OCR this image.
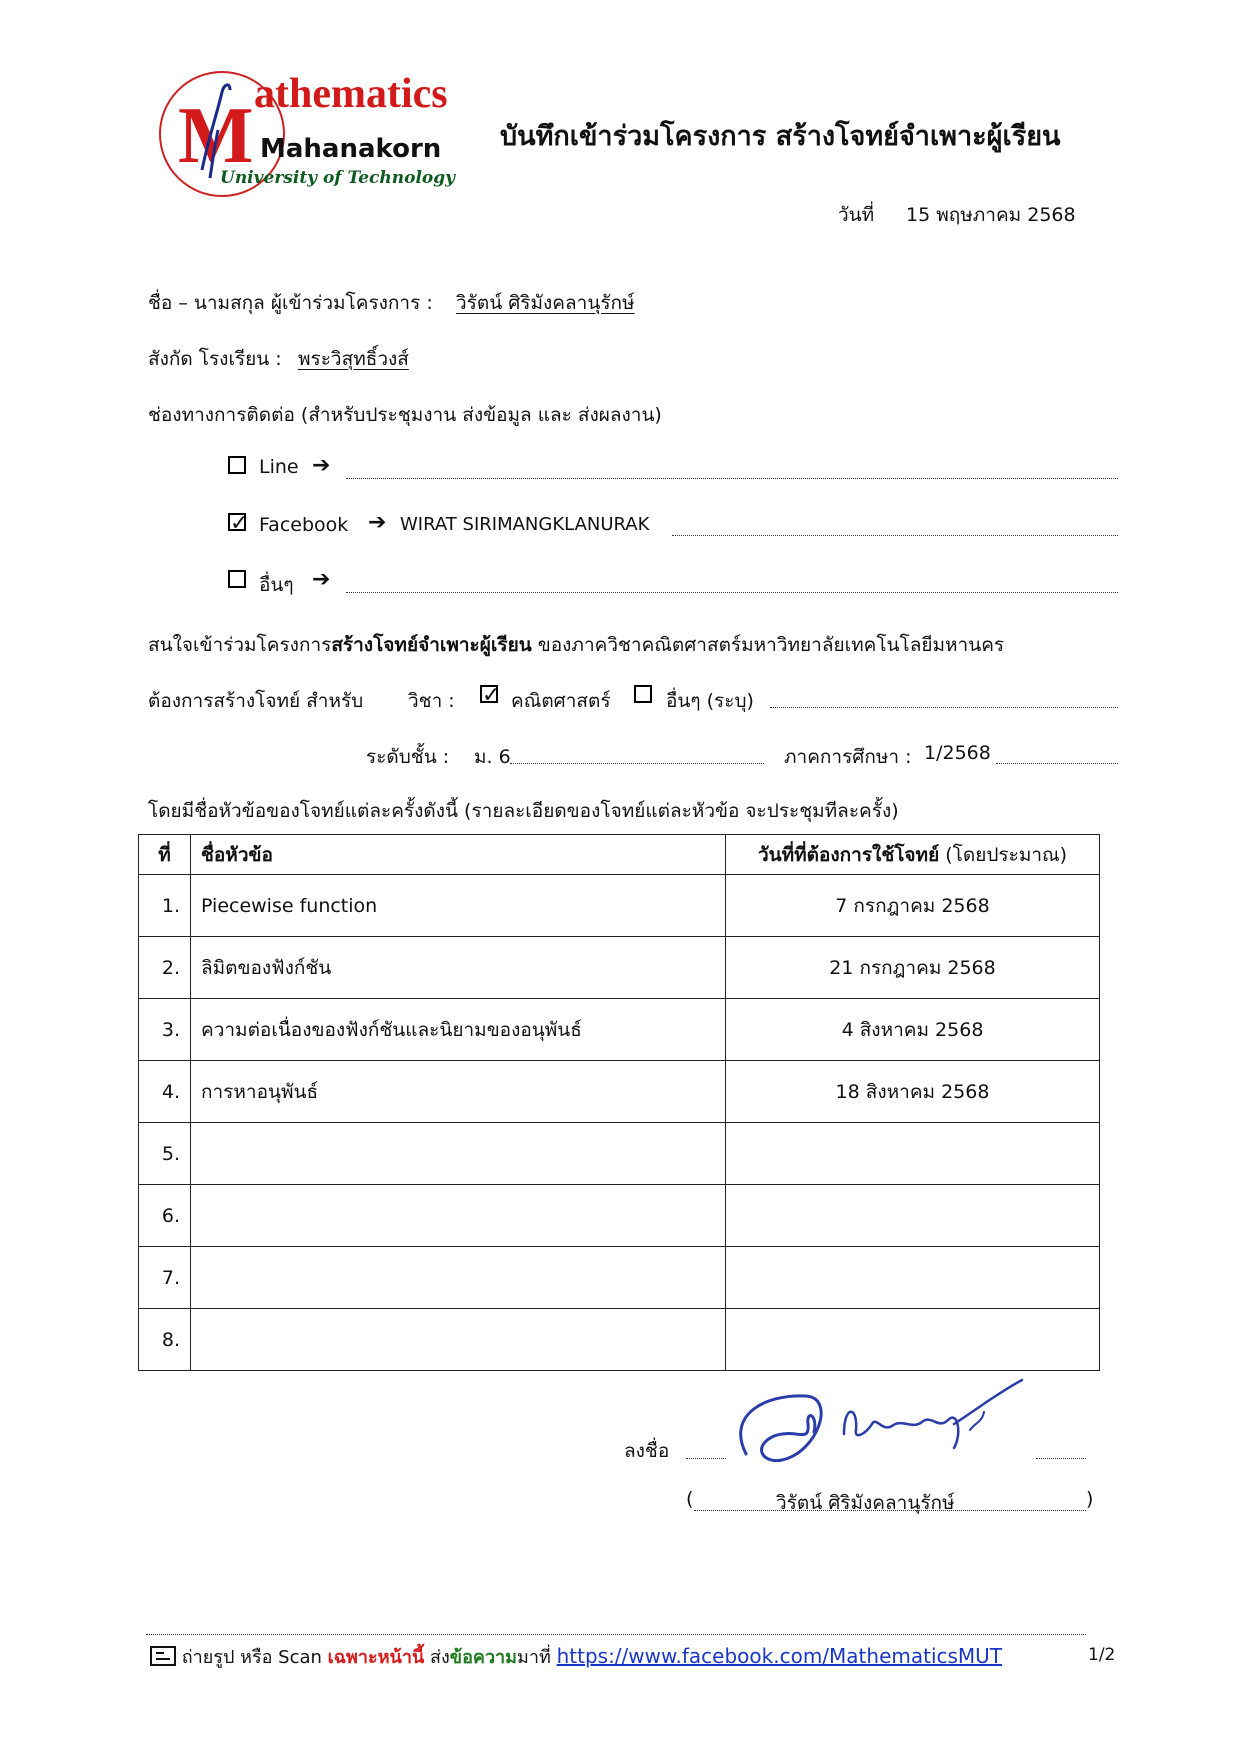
M athematics
Mahanakorn
University of Technology
บันทึกเข้าร่วมโครงการ สร้างโจทย์จำเพาะผู้เรียน
วันที่ 15 พฤษภาคม 2568
ชื่อ – นามสกุล ผู้เข้าร่วมโครงการ : วิรัตน์ ศิริมังคลานุรักษ์
สังกัด โรงเรียน : พระวิสุทธิ์วงส์
ช่องทางการติดต่อ (สำหรับประชุมงาน ส่งข้อมูล และ ส่งผลงาน)
Line ➔
✓ Facebook ➔ WIRAT SIRIMANGKLANURAK
อื่นๆ ➔
สนใจเข้าร่วมโครงการสร้างโจทย์จำเพาะผู้เรียน ของภาควิชาคณิตศาสตร์มหาวิทยาลัยเทคโนโลยีมหานคร
ต้องการสร้างโจทย์ สำหรับ วิชา : ✓ คณิตศาสตร์	อื่นๆ (ระบุ)
ระดับชั้น : ม. 6	ภาคการศึกษา : 1/2568
โดยมีชื่อหัวข้อของโจทย์แต่ละครั้งดังนี้ (รายละเอียดของโจทย์แต่ละหัวข้อ จะประชุมทีละครั้ง)
ที่	ชื่อหัวข้อ	วันที่ที่ต้องการใช้โจทย์ (โดยประมาณ)
1.	Piecewise function	7 กรกฎาคม 2568
2.	ลิมิตของฟังก์ชัน	21 กรกฎาคม 2568
3.	ความต่อเนื่องของฟังก์ชันและนิยามของอนุพันธ์	4 สิงหาคม 2568
4.	การหาอนุพันธ์	18 สิงหาคม 2568
5.		
6.		
7.		
8.		
ลงชื่อ
(	วิรัตน์ ศิริมังคลานุรักษ์	)
ถ่ายรูป หรือ Scan เฉพาะหน้านี้ ส่งข้อความมาที่ https://www.facebook.com/MathematicsMUT	1/2
